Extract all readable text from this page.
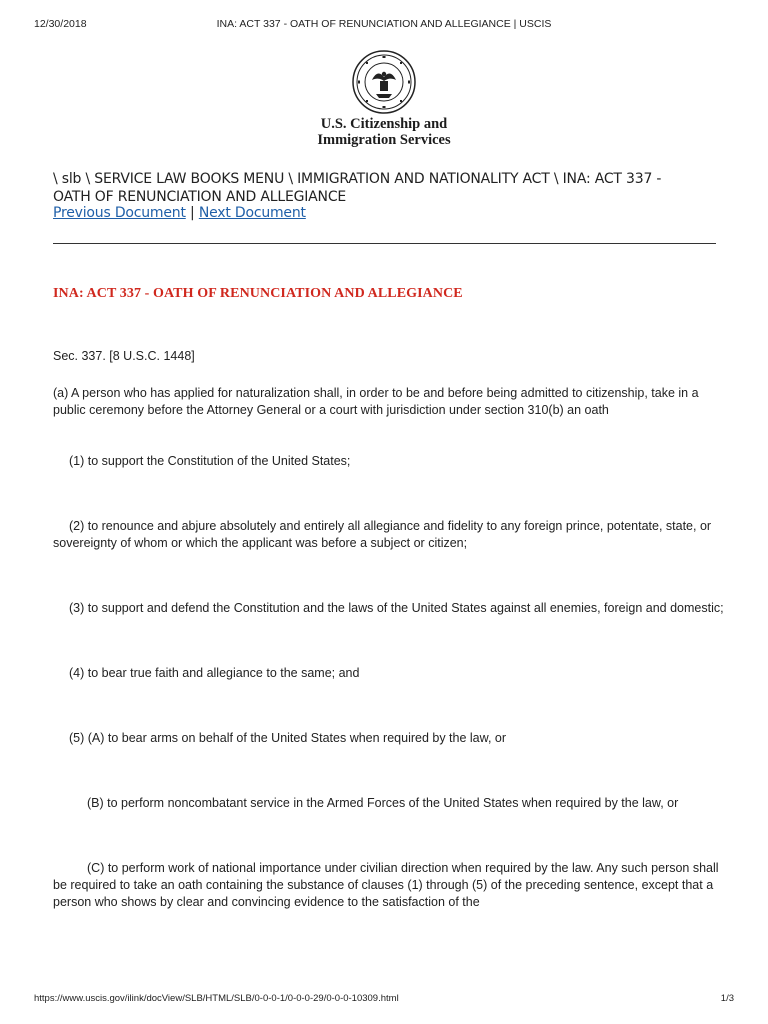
12/30/2018	INA: ACT 337 - OATH OF RENUNCIATION AND ALLEGIANCE | USCIS
U.S. Citizenship and
Immigration Services
\ slb \ SERVICE LAW BOOKS MENU \ IMMIGRATION AND NATIONALITY ACT \ INA: ACT 337 - OATH OF RENUNCIATION AND ALLEGIANCE
Previous Document | Next Document
INA: ACT 337 - OATH OF RENUNCIATION AND ALLEGIANCE

Sec. 337. [8 U.S.C. 1448]

(a) A person who has applied for naturalization shall, in order to be and before being admitted to citizenship, take in a public ceremony before the Attorney General or a court with jurisdiction under section 310(b) an oath

(1) to support the Constitution of the United States;

(2) to renounce and abjure absolutely and entirely all allegiance and fidelity to any foreign prince, potentate, state, or sovereignty of whom or which the applicant was before a subject or citizen;

(3) to support and defend the Constitution and the laws of the United States against all enemies, foreign and domestic;

(4) to bear true faith and allegiance to the same; and

(5) (A) to bear arms on behalf of the United States when required by the law, or

(B) to perform noncombatant service in the Armed Forces of the United States when required by the law, or

(C) to perform work of national importance under civilian direction when required by the law. Any such person shall be required to take an oath containing the substance of clauses (1) through (5) of the preceding sentence, except that a person who shows by clear and convincing evidence to the satisfaction of the

https://www.uscis.gov/ilink/docView/SLB/HTML/SLB/0-0-0-1/0-0-0-29/0-0-0-10309.html	1/3
